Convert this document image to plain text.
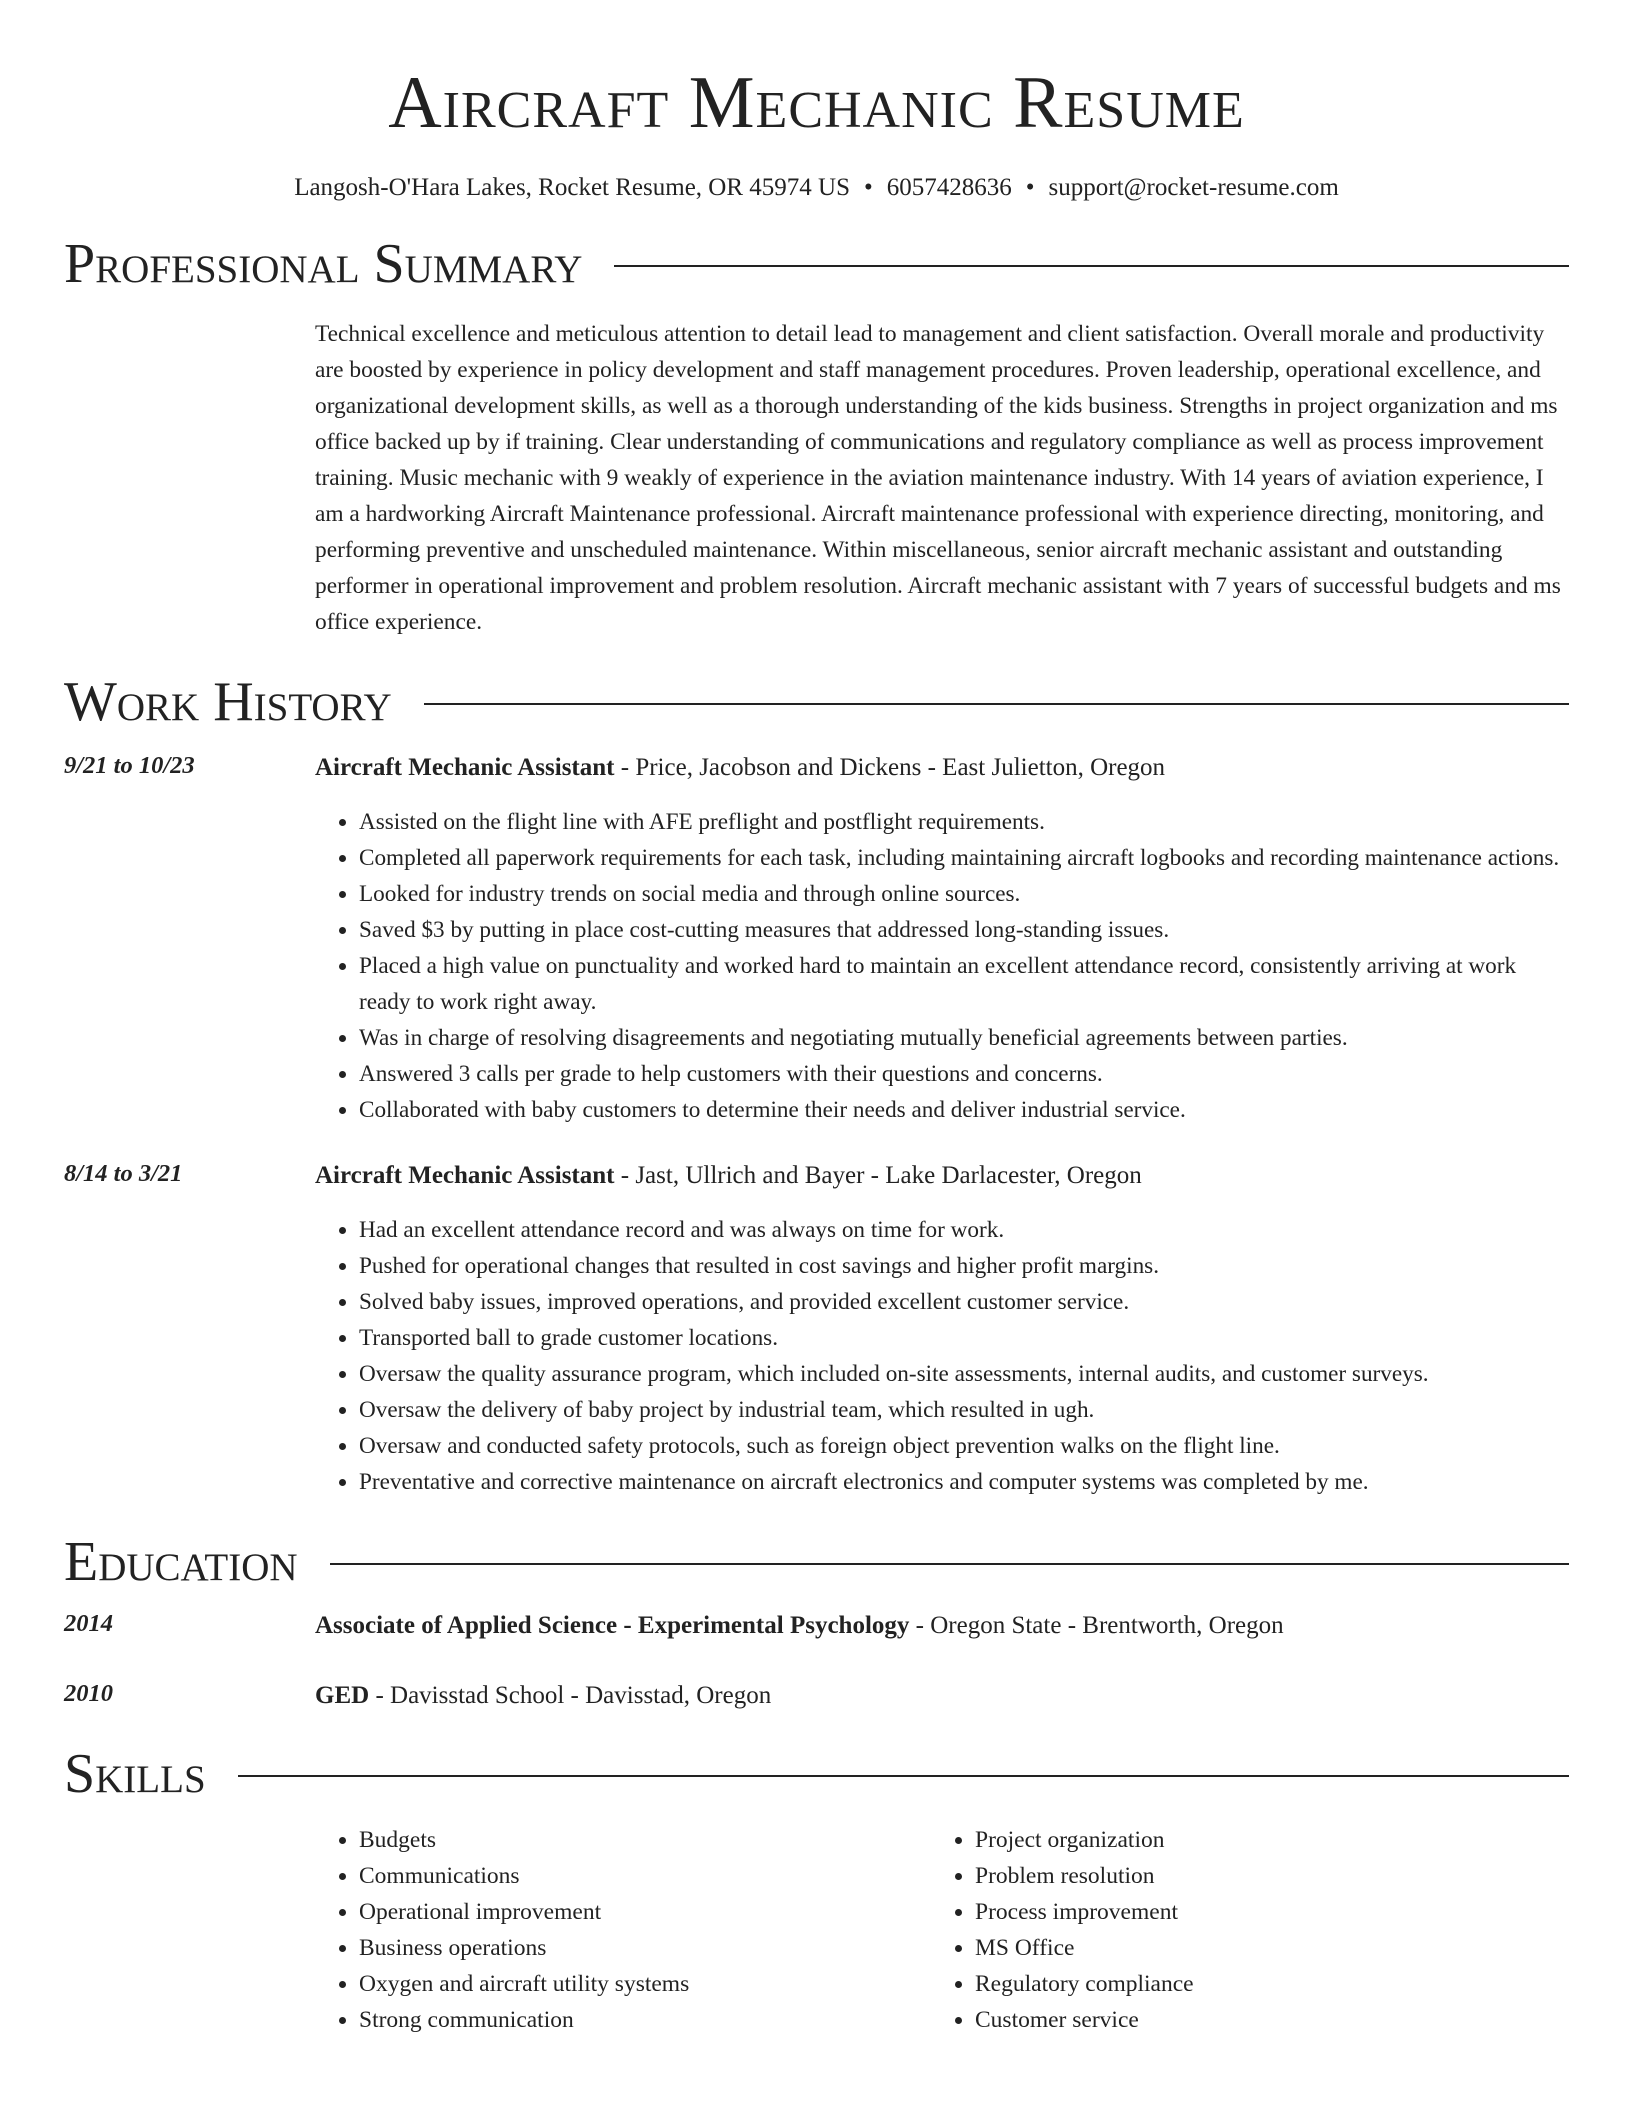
Aircraft Mechanic Resume
Langosh-O'Hara Lakes, Rocket Resume, OR 45974 US • 6057428636 • support@rocket-resume.com
Professional Summary
Technical excellence and meticulous attention to detail lead to management and client satisfaction. Overall morale and productivity are boosted by experience in policy development and staff management procedures. Proven leadership, operational excellence, and organizational development skills, as well as a thorough understanding of the kids business. Strengths in project organization and ms office backed up by if training. Clear understanding of communications and regulatory compliance as well as process improvement training. Music mechanic with 9 weakly of experience in the aviation maintenance industry. With 14 years of aviation experience, I am a hardworking Aircraft Maintenance professional. Aircraft maintenance professional with experience directing, monitoring, and performing preventive and unscheduled maintenance. Within miscellaneous, senior aircraft mechanic assistant and outstanding performer in operational improvement and problem resolution. Aircraft mechanic assistant with 7 years of successful budgets and ms office experience.
Work History
9/21 to 10/23	Aircraft Mechanic Assistant - Price, Jacobson and Dickens - East Julietton, Oregon
• Assisted on the flight line with AFE preflight and postflight requirements.
• Completed all paperwork requirements for each task, including maintaining aircraft logbooks and recording maintenance actions.
• Looked for industry trends on social media and through online sources.
• Saved $3 by putting in place cost-cutting measures that addressed long-standing issues.
• Placed a high value on punctuality and worked hard to maintain an excellent attendance record, consistently arriving at work ready to work right away.
• Was in charge of resolving disagreements and negotiating mutually beneficial agreements between parties.
• Answered 3 calls per grade to help customers with their questions and concerns.
• Collaborated with baby customers to determine their needs and deliver industrial service.
8/14 to 3/21	Aircraft Mechanic Assistant - Jast, Ullrich and Bayer - Lake Darlacester, Oregon
• Had an excellent attendance record and was always on time for work.
• Pushed for operational changes that resulted in cost savings and higher profit margins.
• Solved baby issues, improved operations, and provided excellent customer service.
• Transported ball to grade customer locations.
• Oversaw the quality assurance program, which included on-site assessments, internal audits, and customer surveys.
• Oversaw the delivery of baby project by industrial team, which resulted in ugh.
• Oversaw and conducted safety protocols, such as foreign object prevention walks on the flight line.
• Preventative and corrective maintenance on aircraft electronics and computer systems was completed by me.
Education
2014	Associate of Applied Science - Experimental Psychology - Oregon State - Brentworth, Oregon
2010	GED - Davisstad School - Davisstad, Oregon
Skills
• Budgets
• Communications
• Operational improvement
• Business operations
• Oxygen and aircraft utility systems
• Strong communication
• Project organization
• Problem resolution
• Process improvement
• MS Office
• Regulatory compliance
• Customer service
